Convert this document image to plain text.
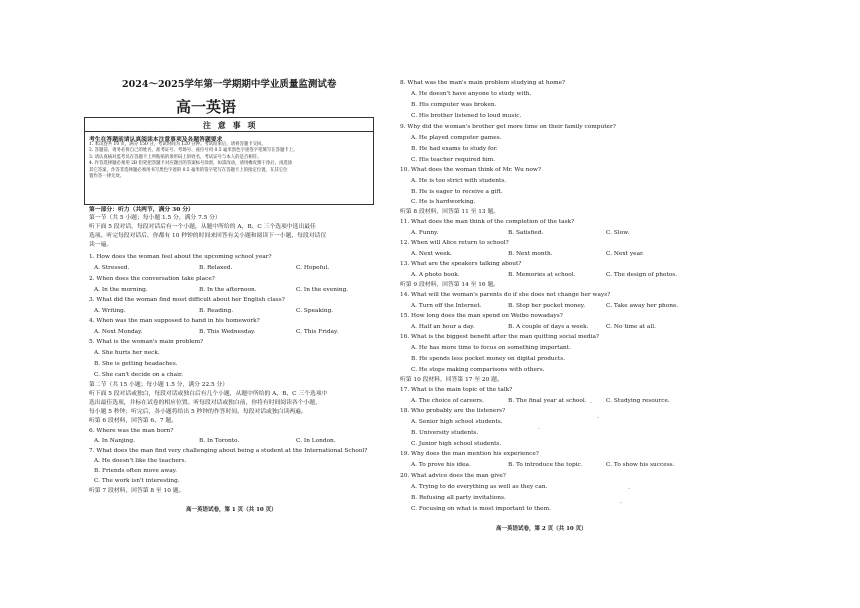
2024～2025学年第一学期期中学业质量监测试卷
高一英语
注 意 事 项
考生在答题前请认真阅读本注意事项及各题答题要求
1. 本试卷共 10 页，满分 150 分，考试时间为 120 分钟。考试结束后，请将答题卡交回。
2. 答题前，请务必将自己的姓名、准考证号、考场号、座位号用 0.5 毫米黑色字迹签字笔填写在答题卡上。
3. 请认真核对监考员在答题卡上所粘贴的条形码上的姓名、考试证号与本人的是否相符。
4. 作答选择题必须用 2B 铅笔把答题卡对应题目的答案标号涂黑，如需改动，请用橡皮擦干净后，再选涂
其它答案，作答非选择题必须用书写黑色字迹的 0.5 毫米的签字笔写在答题卡上的指定位置，在其它位
置作答一律无效。
第一部分：听力（共两节，满分 30 分）
第一节（共 5 小题；每小题 1.5 分，满分 7.5 分）
听下面 5 段对话，每段对话后有一个小题，从题中所给的 A、B、C 三个选项中选出最佳
选项。听完每段对话后，你都有 10 秒钟的时间来回答有关小题和阅读下一小题，每段对话仅
读一遍。
1. How does the woman feel about the upcoming school year?
A. Stressed.	B. Relaxed.	C. Hopeful.
2. When does the conversation take place?
A. In the morning.	B. In the afternoon.	C. In the evening.
3. What did the woman find most difficult about her English class?
A. Writing.	B. Reading.	C. Speaking.
4. When was the man supposed to hand in his homework?
A. Next Monday.	B. This Wednesday.	C. This Friday.
5. What is the woman's main problem?
A. She hurts her neck.
B. She is getting headaches.
C. She can't decide on a chair.
第二节（共 15 小题；每小题 1.5 分，满分 22.5 分）
听下面 5 段对话或独白，每段对话或独白后有几个小题，从题中所给的 A、B、C 三个选项中
选出最佳选项，并标在试卷的相应位置。听每段对话或独白前，你将有时间阅读各个小题，
每小题 5 秒钟；听完后，各小题将给出 5 秒钟的作答时间。每段对话或独白读两遍。
听第 6 段材料，回答第 6、7 题。
6. Where was the man born?
A. In Nanjing.	B. In Toronto.	C. In London.
7. What does the man find very challenging about being a student at the International School?
A. He doesn't like the teachers.
B. Friends often move away.
C. The work isn't interesting.
听第 7 段材料，回答第 8 至 10 题。
高一英语试卷，第 1 页（共 10 页）
8. What was the man's main problem studying at home?
A. He doesn't have anyone to study with.
B. His computer was broken.
C. His brother listened to loud music.
9. Why did the woman's brother get more time on their family computer?
A. He played computer games.
B. He had exams to study for.
C. His teacher required him.
10. What does the woman think of Mr. Wu now?
A. He is too strict with students.
B. He is eager to receive a gift.
C. He is hardworking.
听第 8 段材料，回答第 11 至 13 题。
11. What does the man think of the completion of the task?
A. Funny.	B. Satisfied.	C. Slow.
12. When will Alice return to school?
A. Next week.	B. Next month.	C. Next year.
13. What are the speakers talking about?
A. A photo book.	B. Memories at school.	C. The design of photos.
听第 9 段材料，回答第 14 至 16 题。
14. What will the woman's parents do if she does not change her ways?
A. Turn off the Internet.	B. Stop her pocket money.	C. Take away her phone.
15. How long does the man spend on Weibo nowadays?
A. Half an hour a day.	B. A couple of days a week.	C. No time at all.
16. What is the biggest benefit after the man quitting social media?
A. He has more time to focus on something important.
B. He spends less pocket money on digital products.
C. He stops making comparisons with others.
听第 10 段材料，回答第 17 至 20 题。
17. What is the main topic of the talk?
A. The choice of careers.	B. The final year at school.	C. Studying resource.
18. Who probably are the listeners?
A. Senior high school students.
B. University students.
C. Junior high school students.
19. Why does the man mention his experience?
A. To prove his idea.	B. To introduce the topic.	C. To show his success.
20. What advice does the man give?
A. Trying to do everything as well as they can.
B. Refusing all party invitations.
C. Focusing on what is most important to them.
高一英语试卷，第 2 页（共 10 页）
·
·
·
·
·
